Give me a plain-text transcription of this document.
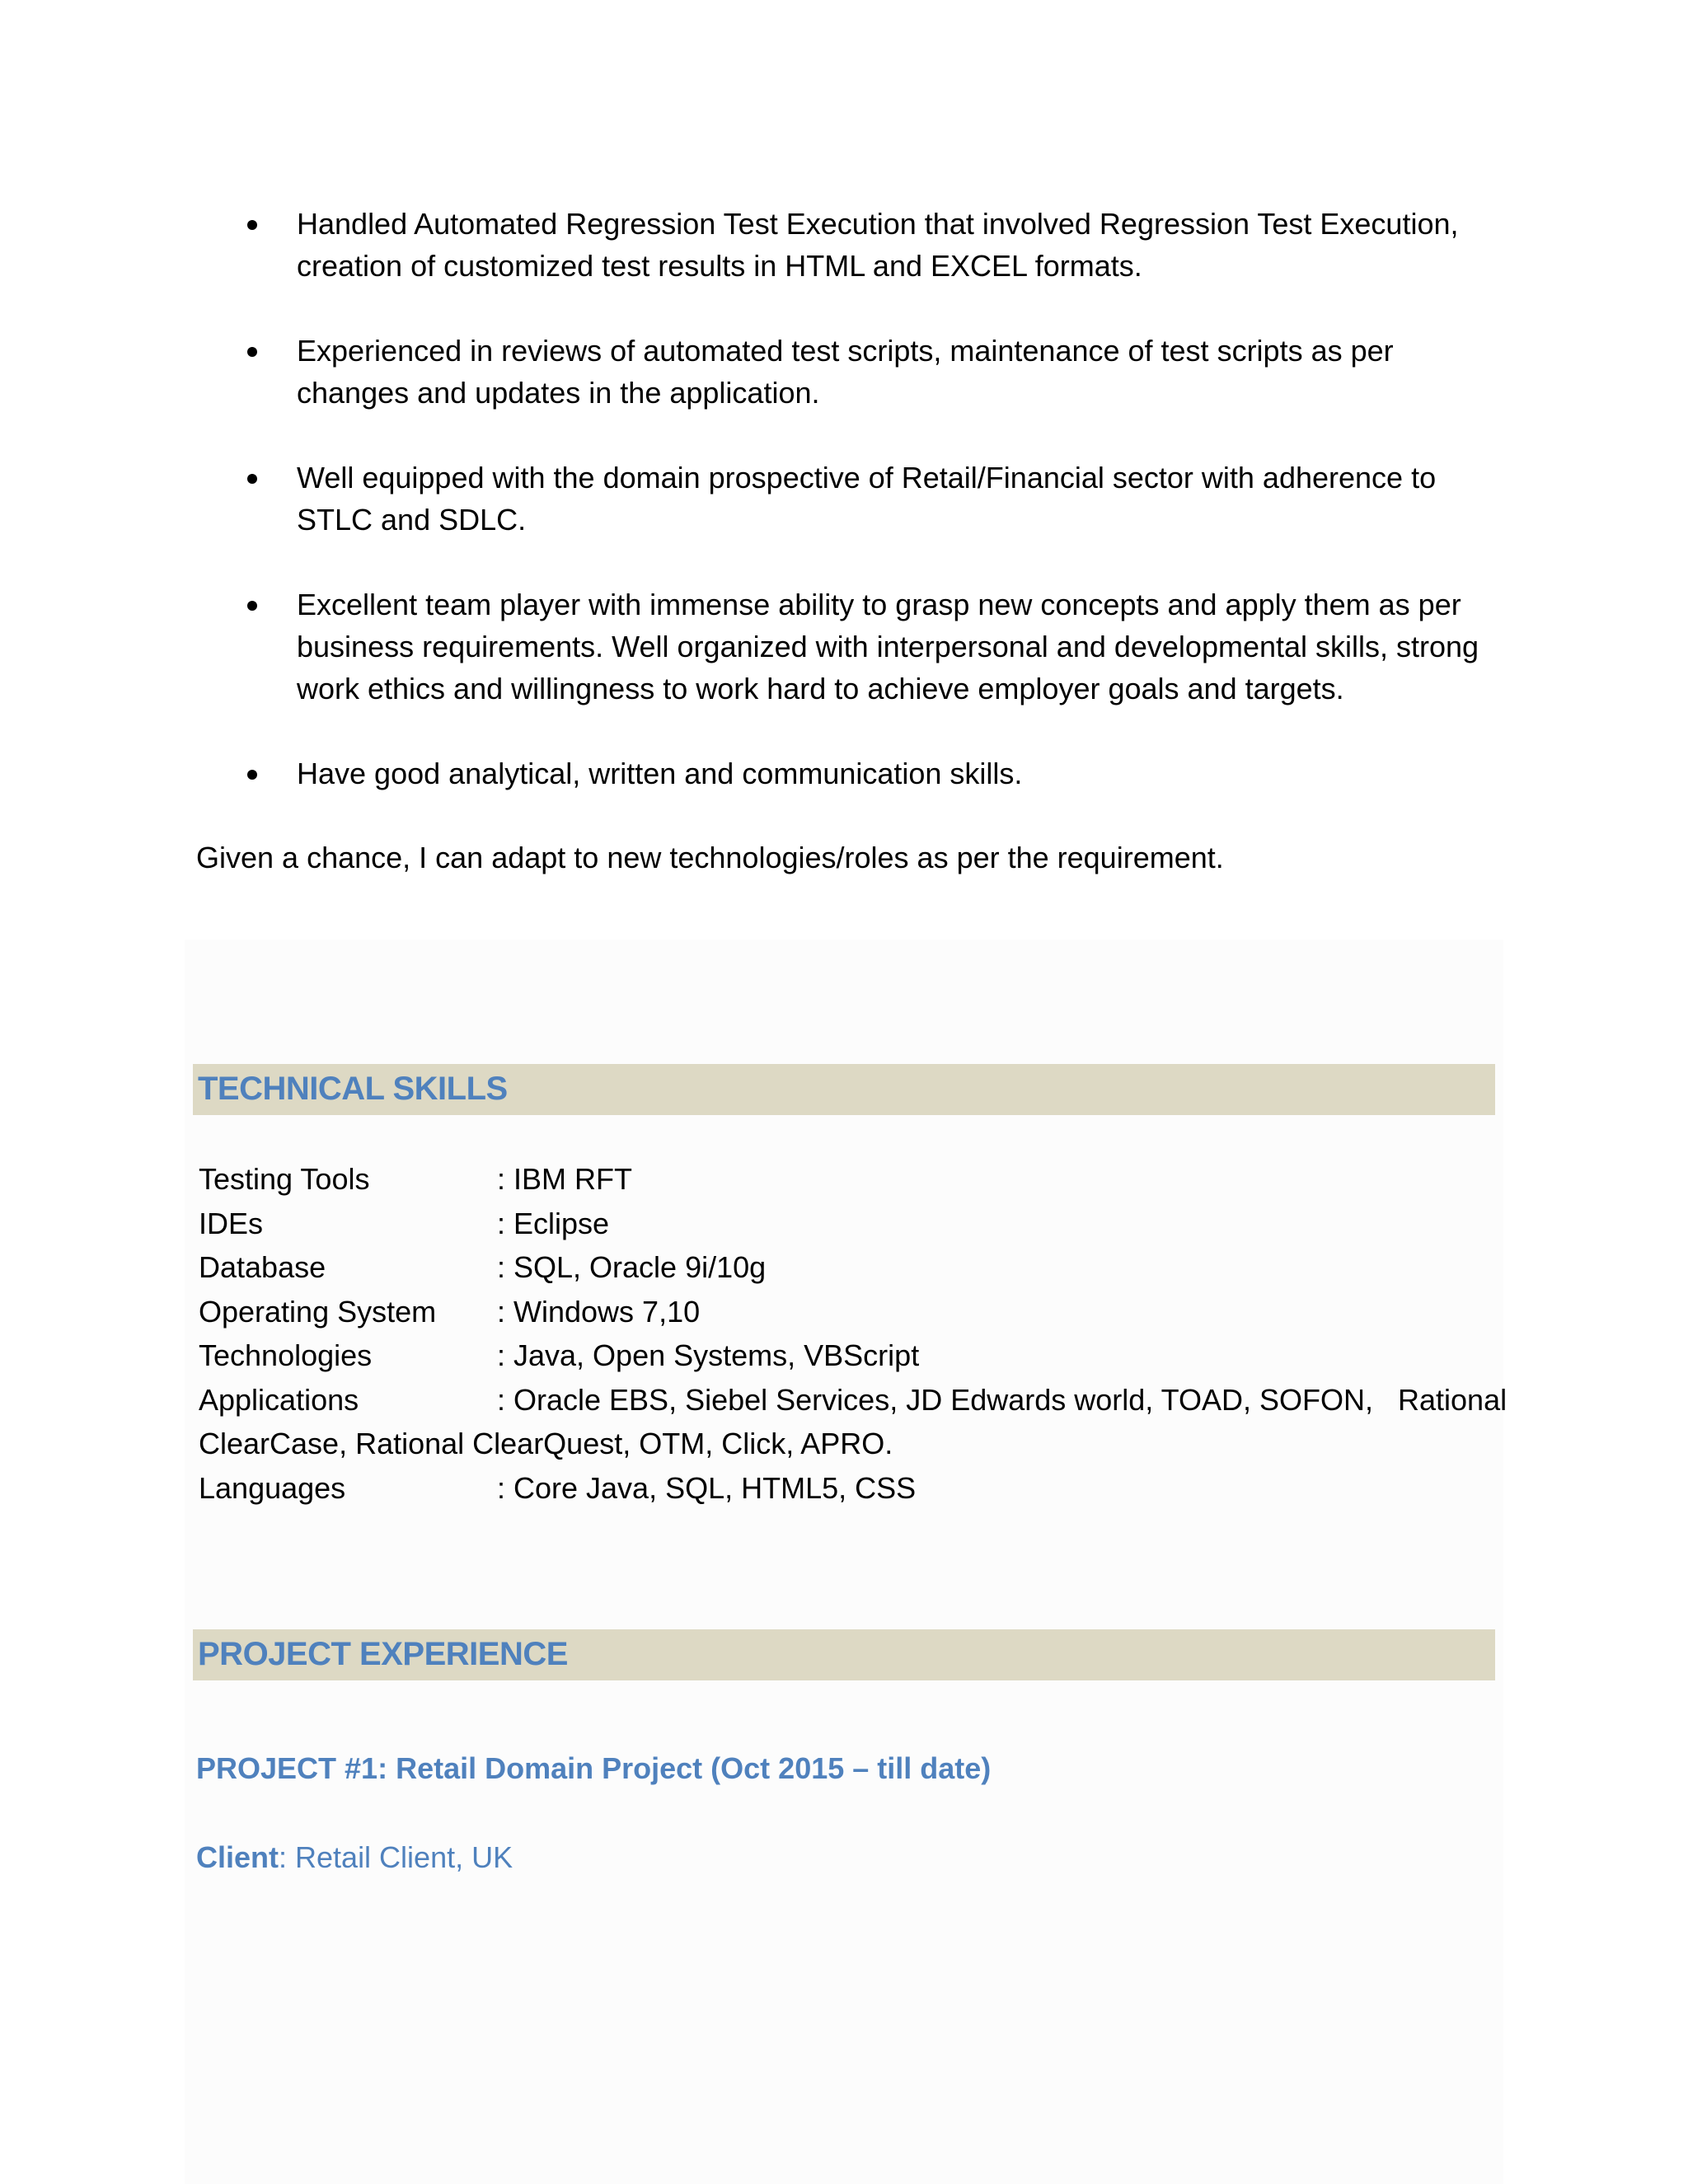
Handled Automated Regression Test Execution that involved Regression Test Execution, creation of customized test results in HTML and EXCEL formats.
Experienced in reviews of automated test scripts, maintenance of test scripts as per changes and updates in the application.
Well equipped with the domain prospective of Retail/Financial sector with adherence to STLC and SDLC.
Excellent team player with immense ability to grasp new concepts and apply them as per business requirements. Well organized with interpersonal and developmental skills, strong work ethics and willingness to work hard to achieve employer goals and targets.
Have good analytical, written and communication skills.
Given a chance, I can adapt to new technologies/roles as per the requirement.
TECHNICAL SKILLS
Testing Tools	: IBM RFT
IDEs	: Eclipse
Database	: SQL, Oracle 9i/10g
Operating System	: Windows 7,10
Technologies	: Java, Open Systems, VBScript
Applications	: Oracle EBS, Siebel Services, JD Edwards world, TOAD, SOFON,   Rational
ClearCase, Rational ClearQuest, OTM, Click, APRO.
Languages	: Core Java, SQL, HTML5, CSS
PROJECT EXPERIENCE
PROJECT #1: Retail Domain Project (Oct 2015 – till date)
Client: Retail Client, UK
